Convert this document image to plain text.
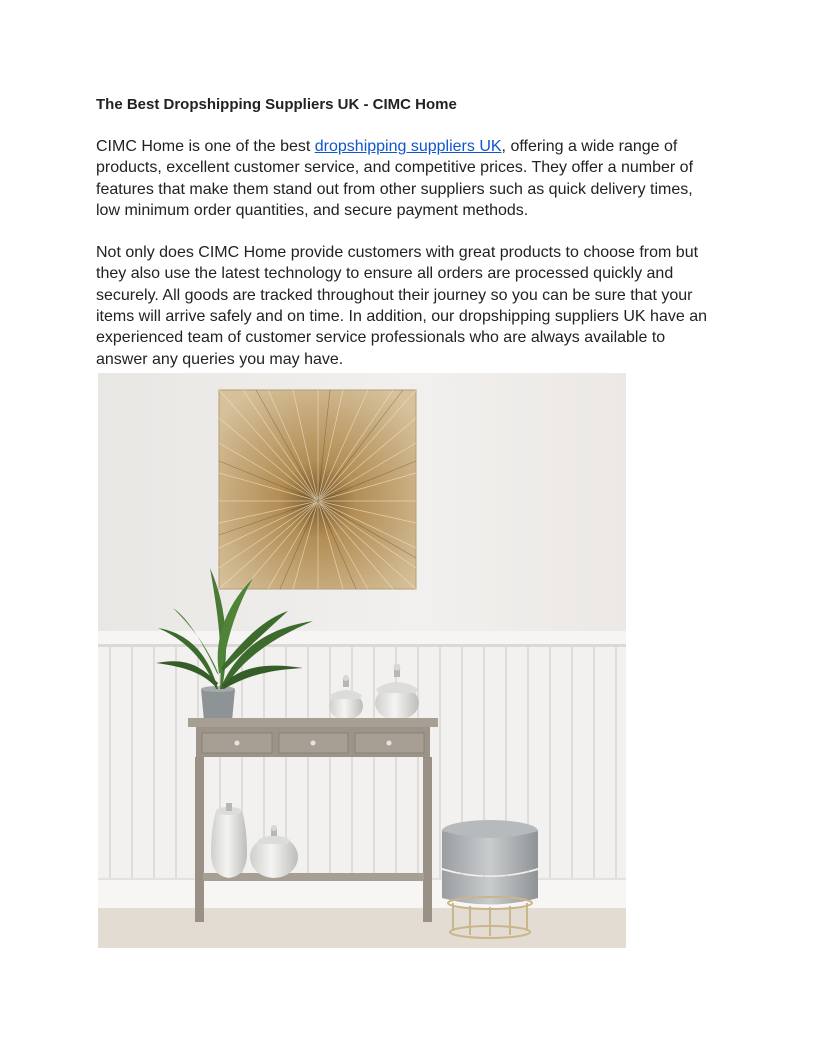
The Best Dropshipping Suppliers UK - CIMC Home

CIMC Home is one of the best dropshipping suppliers UK, offering a wide range of products, excellent customer service, and competitive prices. They offer a number of features that make them stand out from other suppliers such as quick delivery times, low minimum order quantities, and secure payment methods.

Not only does CIMC Home provide customers with great products to choose from but they also use the latest technology to ensure all orders are processed quickly and securely. All goods are tracked throughout their journey so you can be sure that your items will arrive safely and on time. In addition, our dropshipping suppliers UK have an experienced team of customer service professionals who are always available to answer any queries you may have.
